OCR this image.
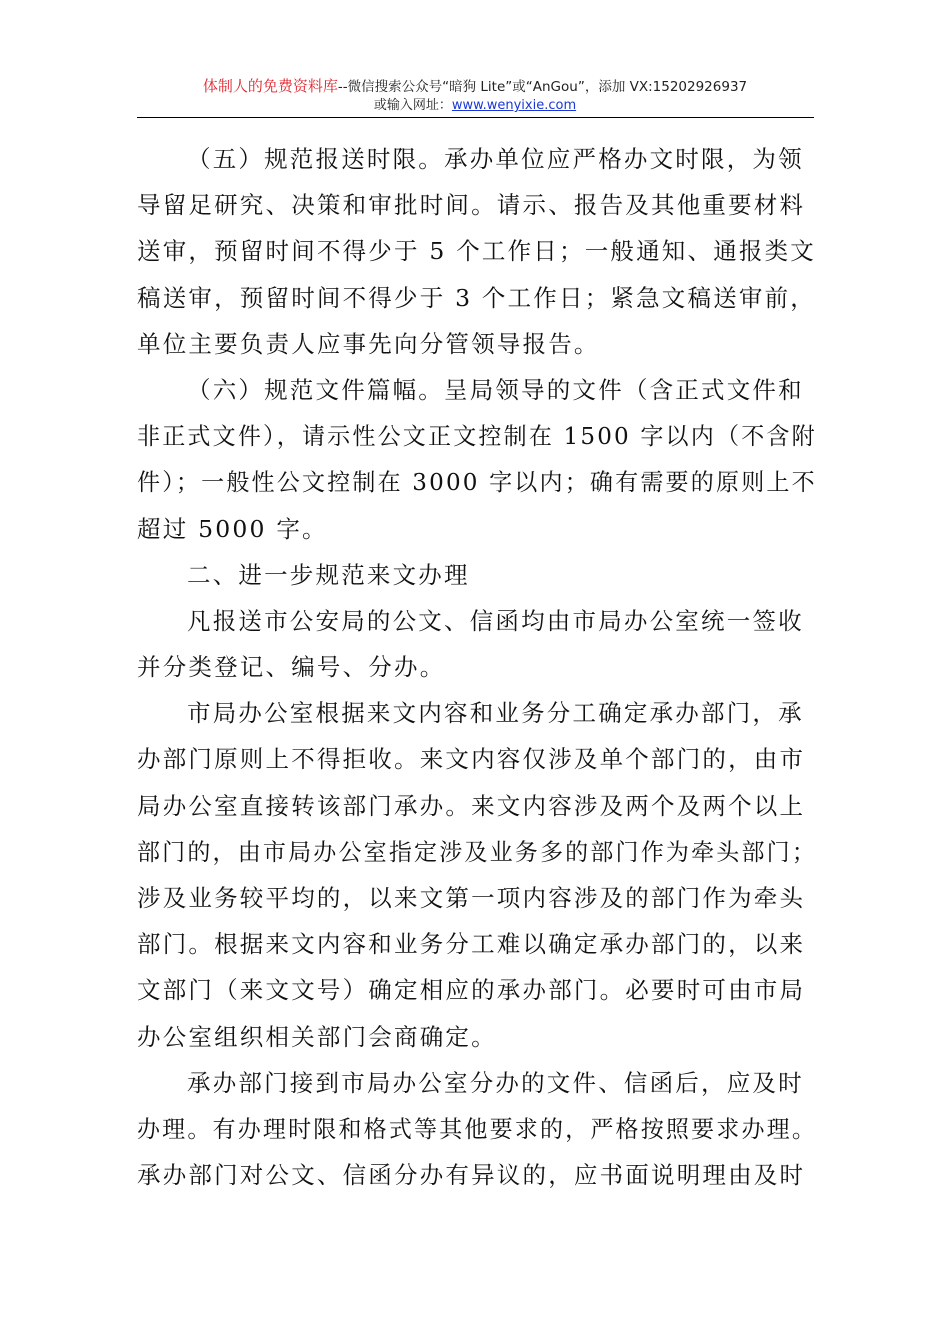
体制人的免费资料库--微信搜索公众号“暗狗 Lite”或“AnGou”，添加 VX:15202926937
或输入网址：www.wenyixie.com
（五）规范报送时限。承办单位应严格办文时限，为领
导留足研究、决策和审批时间。请示、报告及其他重要材料
送审，预留时间不得少于 5 个工作日；一般通知、通报类文
稿送审，预留时间不得少于 3 个工作日；紧急文稿送审前，
单位主要负责人应事先向分管领导报告。
（六）规范文件篇幅。呈局领导的文件（含正式文件和
非正式文件），请示性公文正文控制在 1500 字以内（不含附
件）；一般性公文控制在 3000 字以内；确有需要的原则上不
超过 5000 字。
二、进一步规范来文办理
凡报送市公安局的公文、信函均由市局办公室统一签收
并分类登记、编号、分办。
市局办公室根据来文内容和业务分工确定承办部门，承
办部门原则上不得拒收。来文内容仅涉及单个部门的，由市
局办公室直接转该部门承办。来文内容涉及两个及两个以上
部门的，由市局办公室指定涉及业务多的部门作为牵头部门；
涉及业务较平均的，以来文第一项内容涉及的部门作为牵头
部门。根据来文内容和业务分工难以确定承办部门的，以来
文部门（来文文号）确定相应的承办部门。必要时可由市局
办公室组织相关部门会商确定。
承办部门接到市局办公室分办的文件、信函后，应及时
办理。有办理时限和格式等其他要求的，严格按照要求办理。
承办部门对公文、信函分办有异议的，应书面说明理由及时
